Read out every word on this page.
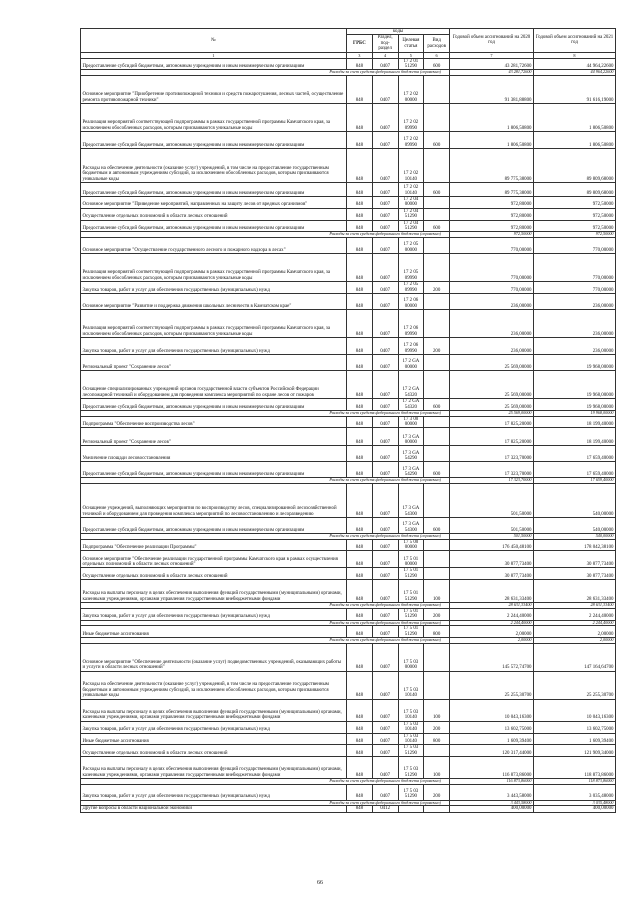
№	коды				Годовой объем ассигнований на 2020 год	Годовой объем ассигнований на 2021 год
	ГРБС	Раздел, под-раздел	Целевая статья	Вид расходов		
1	3	4	5	6	7	8
Предоставление субсидий бюджетным, автономным учреждениям и иным некоммерческим организациям	848	0407	17 2 01 51290	600	43 281,72600	44 964,22600
Расходы за счет средств федерального бюджета (справочно)					43 281,72600	44 964,22600
Основное мероприятие "Приобретение противопожарной техники и средств пожаротушения, лесных частей, осуществление ремонта противопожарной техники"	848	0407	17 2 02 00000		91 381,88800	91 616,19000
Реализация мероприятий соответствующей подпрограммы в рамках государственной программы Камчатского края, за исключением обособленных расходов, которым присваиваются уникальные коды	848	0407	17 2 02 09990		1 806,50800	1 806,50800
Предоставление субсидий бюджетным, автономным учреждениям и иным некоммерческим организациям	848	0407	17 2 02 09990	600	1 806,50800	1 806,50800
Расходы на обеспечение деятельности (оказание услуг) учреждений, в том числе на предоставление государственным бюджетным и автономным учреждениям субсидий, за исключением обособленных расходов, которым присваиваются уникальные коды	848	0407	17 2 02 10140		89 775,38000	89 809,68000
Предоставление субсидий бюджетным, автономным учреждениям и иным некоммерческим организациям	848	0407	17 2 02 10140	600	89 775,38000	89 809,68000
Основное мероприятие "Приведение мероприятий, направленных на защиту лесов от вредных организмов"	848	0407	17 2 04 00000		972,80000	972,50000
Осуществление отдельных полномочий в области лесных отношений	848	0407	17 2 04 51290		972,80000	972,50000
Предоставление субсидий бюджетным, автономным учреждениям и иным некоммерческим организациям	848	0407	17 2 04 51290	600	972,80000	972,50000
Расходы за счет средств федерального бюджета (справочно)					972,50000	972,50000
Основное мероприятие "Осуществление государственного лесного и пожарного надзора в лесах"	848	0407	17 2 05 00000		770,00000	770,00000
Реализация мероприятий соответствующей подпрограммы в рамках государственной программы Камчатского края, за исключением обособленных расходов, которым присваиваются уникальные коды	848	0407	17 2 05 09990		770,00000	770,00000
Закупка товаров, работ и услуг для обеспечения государственных (муниципальных) нужд	848	0407	17 2 05 09990	200	770,00000	770,00000
Основное мероприятие "Развитие и поддержка движения школьных лесничеств в Камчатском крае"	848	0407	17 2 06 00000		236,00000	236,00000
Реализация мероприятий соответствующей подпрограммы в рамках государственной программы Камчатского края, за исключением обособленных расходов, которым присваиваются уникальные коды	848	0407	17 2 06 09990		236,00000	236,00000
Закупка товаров, работ и услуг для обеспечения государственных (муниципальных) нужд	848	0407	17 2 06 09990	200	236,00000	236,00000
Региональный проект "Сохранение лесов"	848	0407	17 2 GA 00000		25 569,00000	19 968,00000
Оснащение специализированных учреждений органов государственной власти субъектов Российской Федерации лесопожарной техникой и оборудованием для проведения комплекса мероприятий по охране лесов от пожаров	848	0407	17 2 GA 54320		25 569,00000	19 968,00000
Предоставление субсидий бюджетным, автономным учреждениям и иным некоммерческим организациям	848	0407	17 2 GA 54320	600	25 569,00000	19 968,00000
Расходы за счет средств федерального бюджета (справочно)					25 569,00000	19 968,00000
Подпрограмма "Обеспечение воспроизводства лесов"	848	0407	17 3 00 00000		17 825,20000	18 199,40000
Региональный проект "Сохранение лесов"	848	0407	17 3 GA 00000		17 825,20000	18 199,40000
Увеличение площади лесовосстановления	848	0407	17 3 GA 54290		17 323,70000	17 659,40000
Предоставление субсидий бюджетным, автономным учреждениям и иным некоммерческим организациям	848	0407	17 3 GA 54290	600	17 323,70000	17 659,40000
Расходы за счет средств федерального бюджета (справочно)					17 323,70000	17 659,40000
Оснащение учреждений, выполняющих мероприятия по воспроизводству лесов, специализированной лесохозяйственной техникой и оборудованием для проведения комплекса мероприятий по лесовосстановлению и лесоразведению	848	0407	17 3 GA 54300		501,50000	540,00000
Предоставление субсидий бюджетным, автономным учреждениям и иным некоммерческим организациям	848	0407	17 3 GA 54300	600	501,50000	540,00000
Расходы за счет средств федерального бюджета (справочно)					501,50000	540,00000
Подпрограмма "Обеспечение реализации Программы"	848	0407	17 5 00 00000		176 450,48100	178 042,38100
Основное мероприятие "Обеспечение реализации государственной программы Камчатского края в рамках осуществления отдельных полномочий в области лесных отношений"	848	0407	17 5 01 00000		30 877,73400	30 877,73400
Осуществление отдельных полномочий в области лесных отношений	848	0407	17 5 01 51290		30 877,73400	30 877,73400
Расходы на выплаты персоналу в целях обеспечения выполнения функций государственными (муниципальными) органами, казенными учреждениями, органами управления государственными внебюджетными фондами	848	0407	17 5 01 51290	100	28 631,33400	28 631,33400
Расходы за счет средств федерального бюджета (справочно)					28 631,33400	28 631,33400
Закупка товаров, работ и услуг для обеспечения государственных (муниципальных) нужд	848	0407	17 5 01 51290	200	2 244,40000	2 244,40000
Расходы за счет средств федерального бюджета (справочно)					2 244,40000	2 244,40000
Иные бюджетные ассигнования	848	0407	17 5 01 51290	800	2,00000	2,00000
Расходы за счет средств федерального бюджета (справочно)					2,00000	2,00000
Основное мероприятие "Обеспечение деятельности (оказание услуг) подведомственных учреждений, оказывающих работы и услуги в области лесных отношений"	848	0407	17 5 03 00000		145 572,74700	147 164,64700
Расходы на обеспечение деятельности (оказание услуг) учреждений, в том числе на предоставление государственным бюджетным и автономным учреждениям субсидий, за исключением обособленных расходов, которым присваиваются уникальные коды	848	0407	17 5 03 10140		25 255,30700	25 255,30700
Расходы на выплаты персоналу в целях обеспечения выполнения функций государственными (муниципальными) органами, казенными учреждениями, органами управления государственными внебюджетными фондами	848	0407	17 5 03 10140	100	10 043,16300	10 043,16300
Закупка товаров, работ и услуг для обеспечения государственных (муниципальных) нужд	848	0407	17 5 03 10140	200	13 602,75000	13 602,75000
Иные бюджетные ассигнования	848	0407	17 5 03 10140	800	1 609,39400	1 609,39400
Осуществление отдельных полномочий в области лесных отношений	848	0407	17 5 03 51290		120 317,44000	121 909,34000
Расходы на выплаты персоналу в целях обеспечения выполнения функций государственными (муниципальными) органами, казенными учреждениями, органами управления государственными внебюджетными фондами	848	0407	17 5 03 51290	100	116 873,86000	118 873,86000
Расходы за счет средств федерального бюджета (справочно)					116 873,86000	118 873,86000
Закупка товаров, работ и услуг для обеспечения государственных (муниципальных) нужд	848	0407	17 5 03 51290	200	3 443,58000	3 035,48000
Расходы за счет средств федерального бюджета (справочно)					3 443,58000	3 035,48000
Другие вопросы в области национальной экономики	848	0412			400,00000	400,00000
66
